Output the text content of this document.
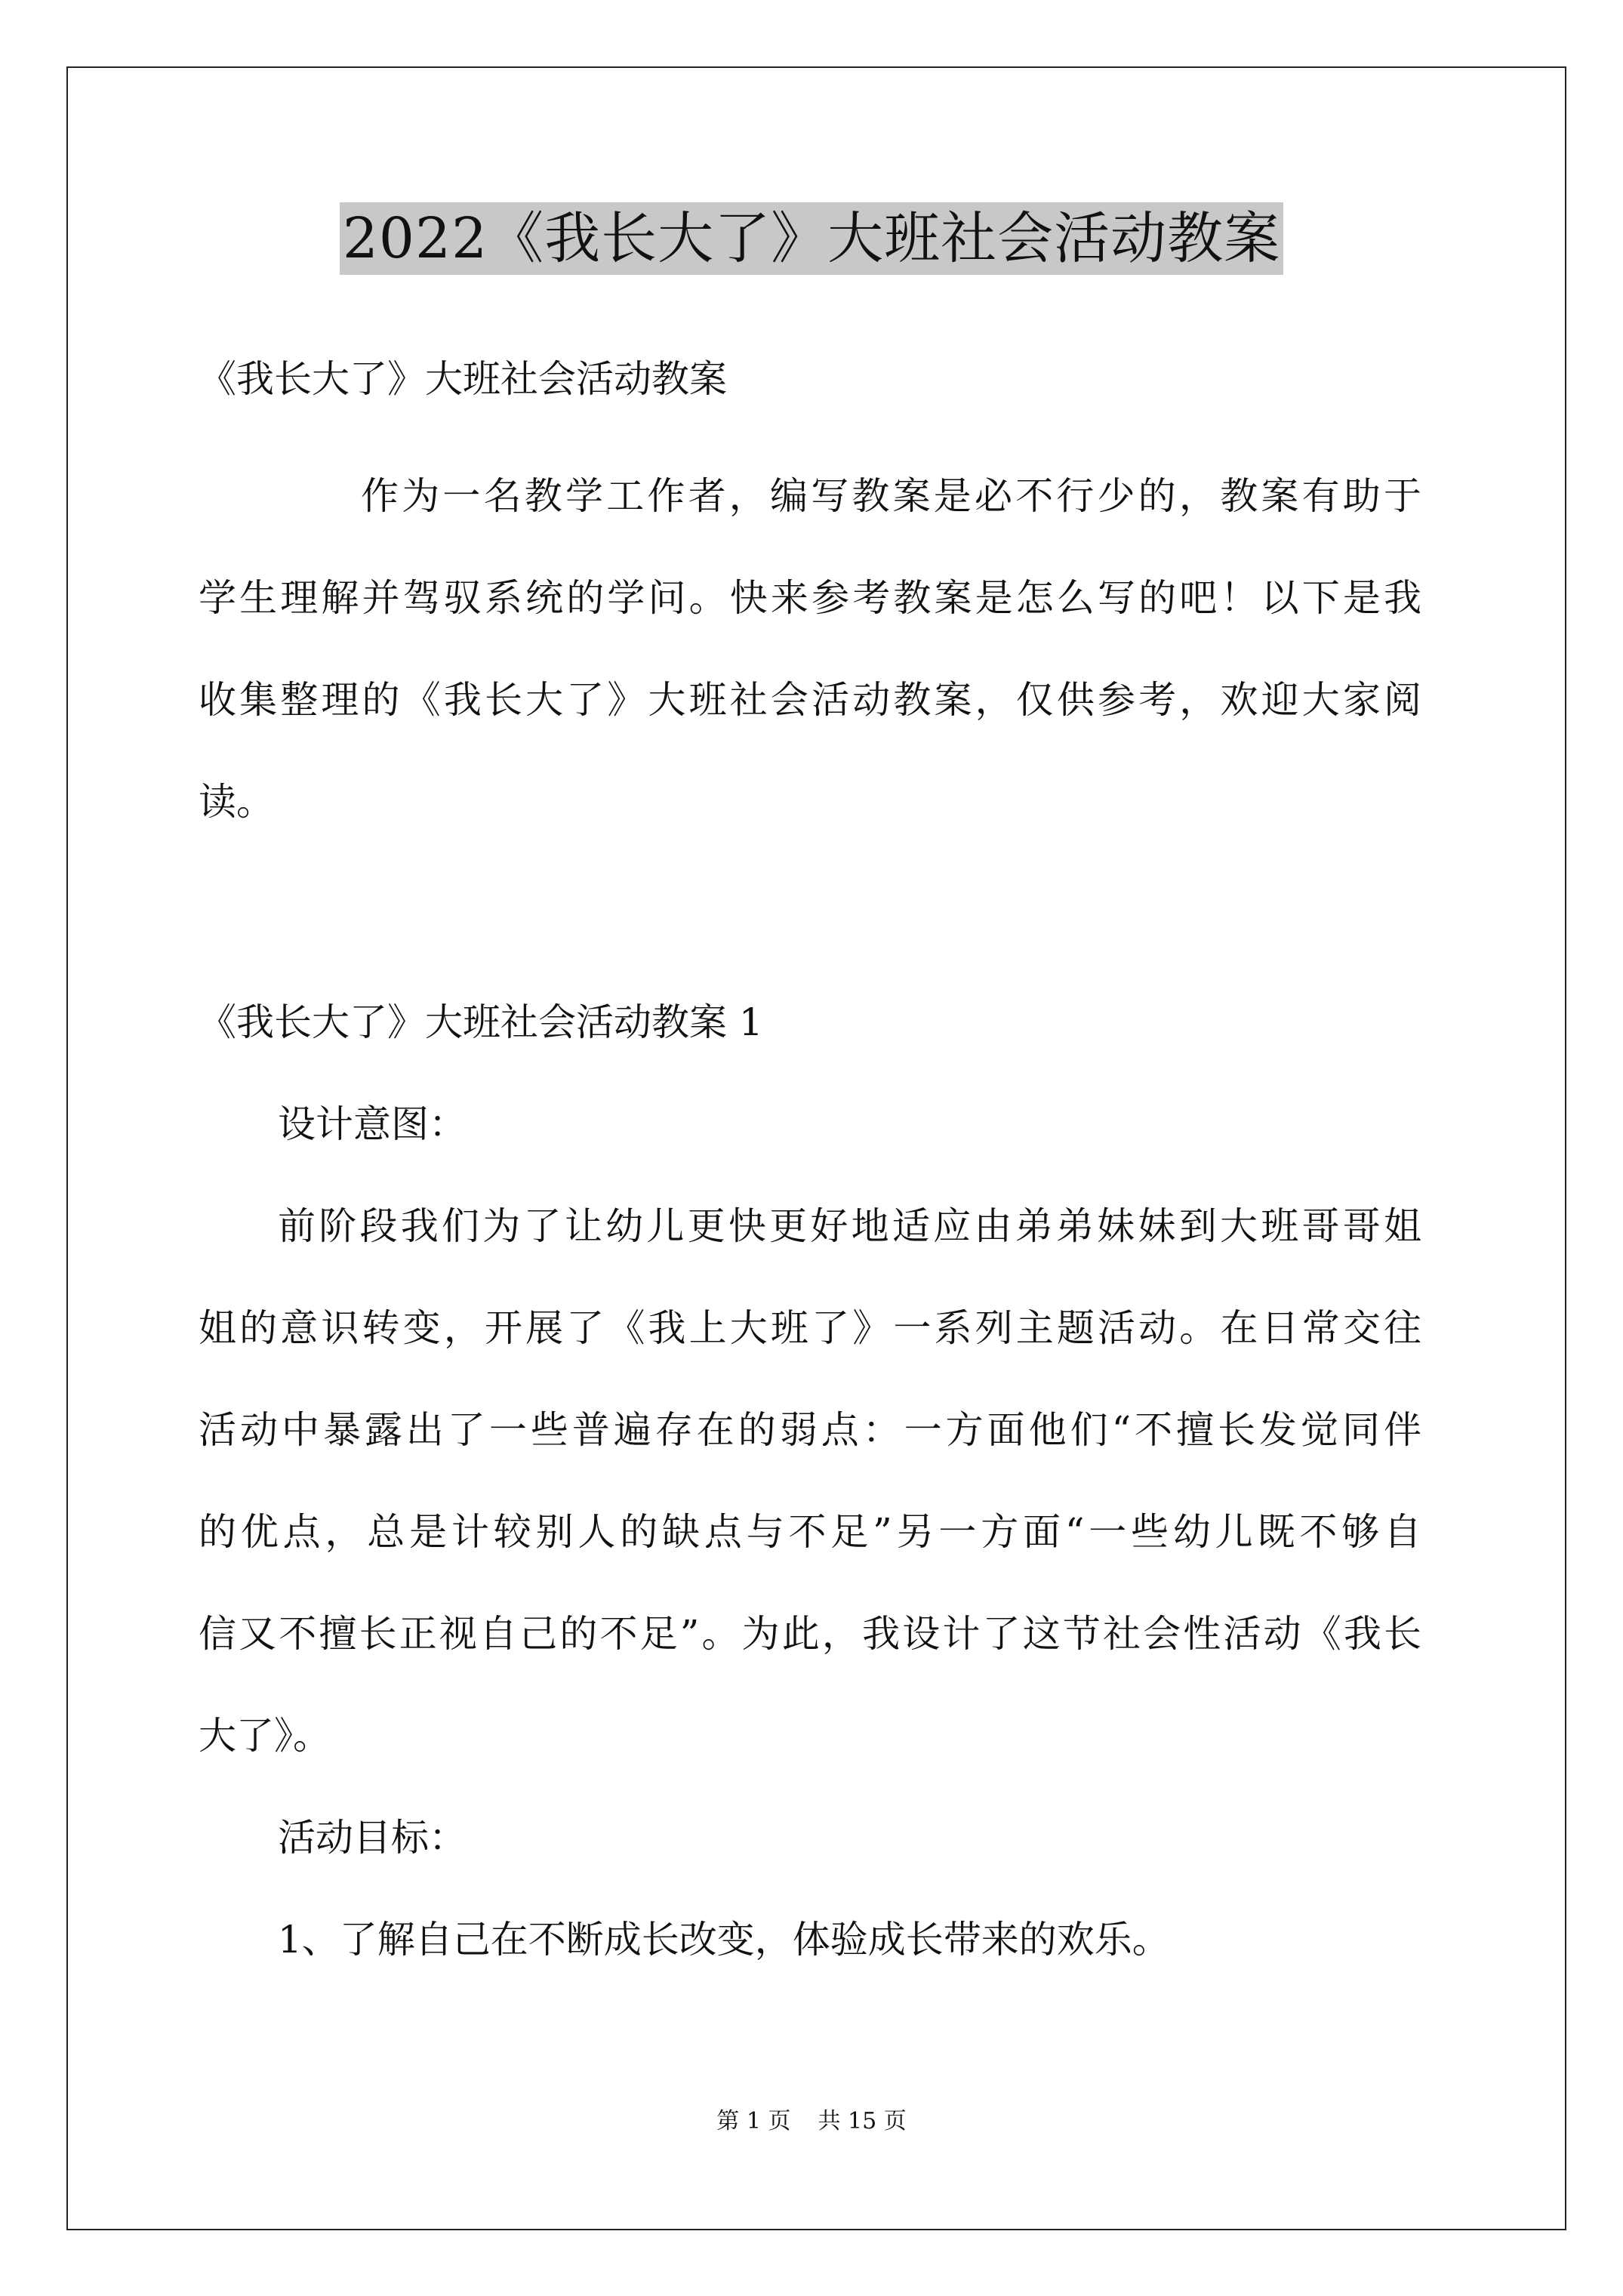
2022《我长大了》大班社会活动教案
《我长大了》大班社会活动教案
作为一名教学工作者，编写教案是必不行少的，教案有助于
学生理解并驾驭系统的学问。快来参考教案是怎么写的吧！以下是我
收集整理的《我长大了》大班社会活动教案，仅供参考，欢迎大家阅
读。
《我长大了》大班社会活动教案 1
设计意图：
前阶段我们为了让幼儿更快更好地适应由弟弟妹妹到大班哥哥姐
姐的意识转变，开展了《我上大班了》一系列主题活动。在日常交往
活动中暴露出了一些普遍存在的弱点：一方面他们“不擅长发觉同伴
的优点，总是计较别人的缺点与不足”另一方面“一些幼儿既不够自
信又不擅长正视自己的不足”。为此，我设计了这节社会性活动《我长
大了》。
活动目标：
1、了解自己在不断成长改变，体验成长带来的欢乐。
第 1 页 共 15 页
